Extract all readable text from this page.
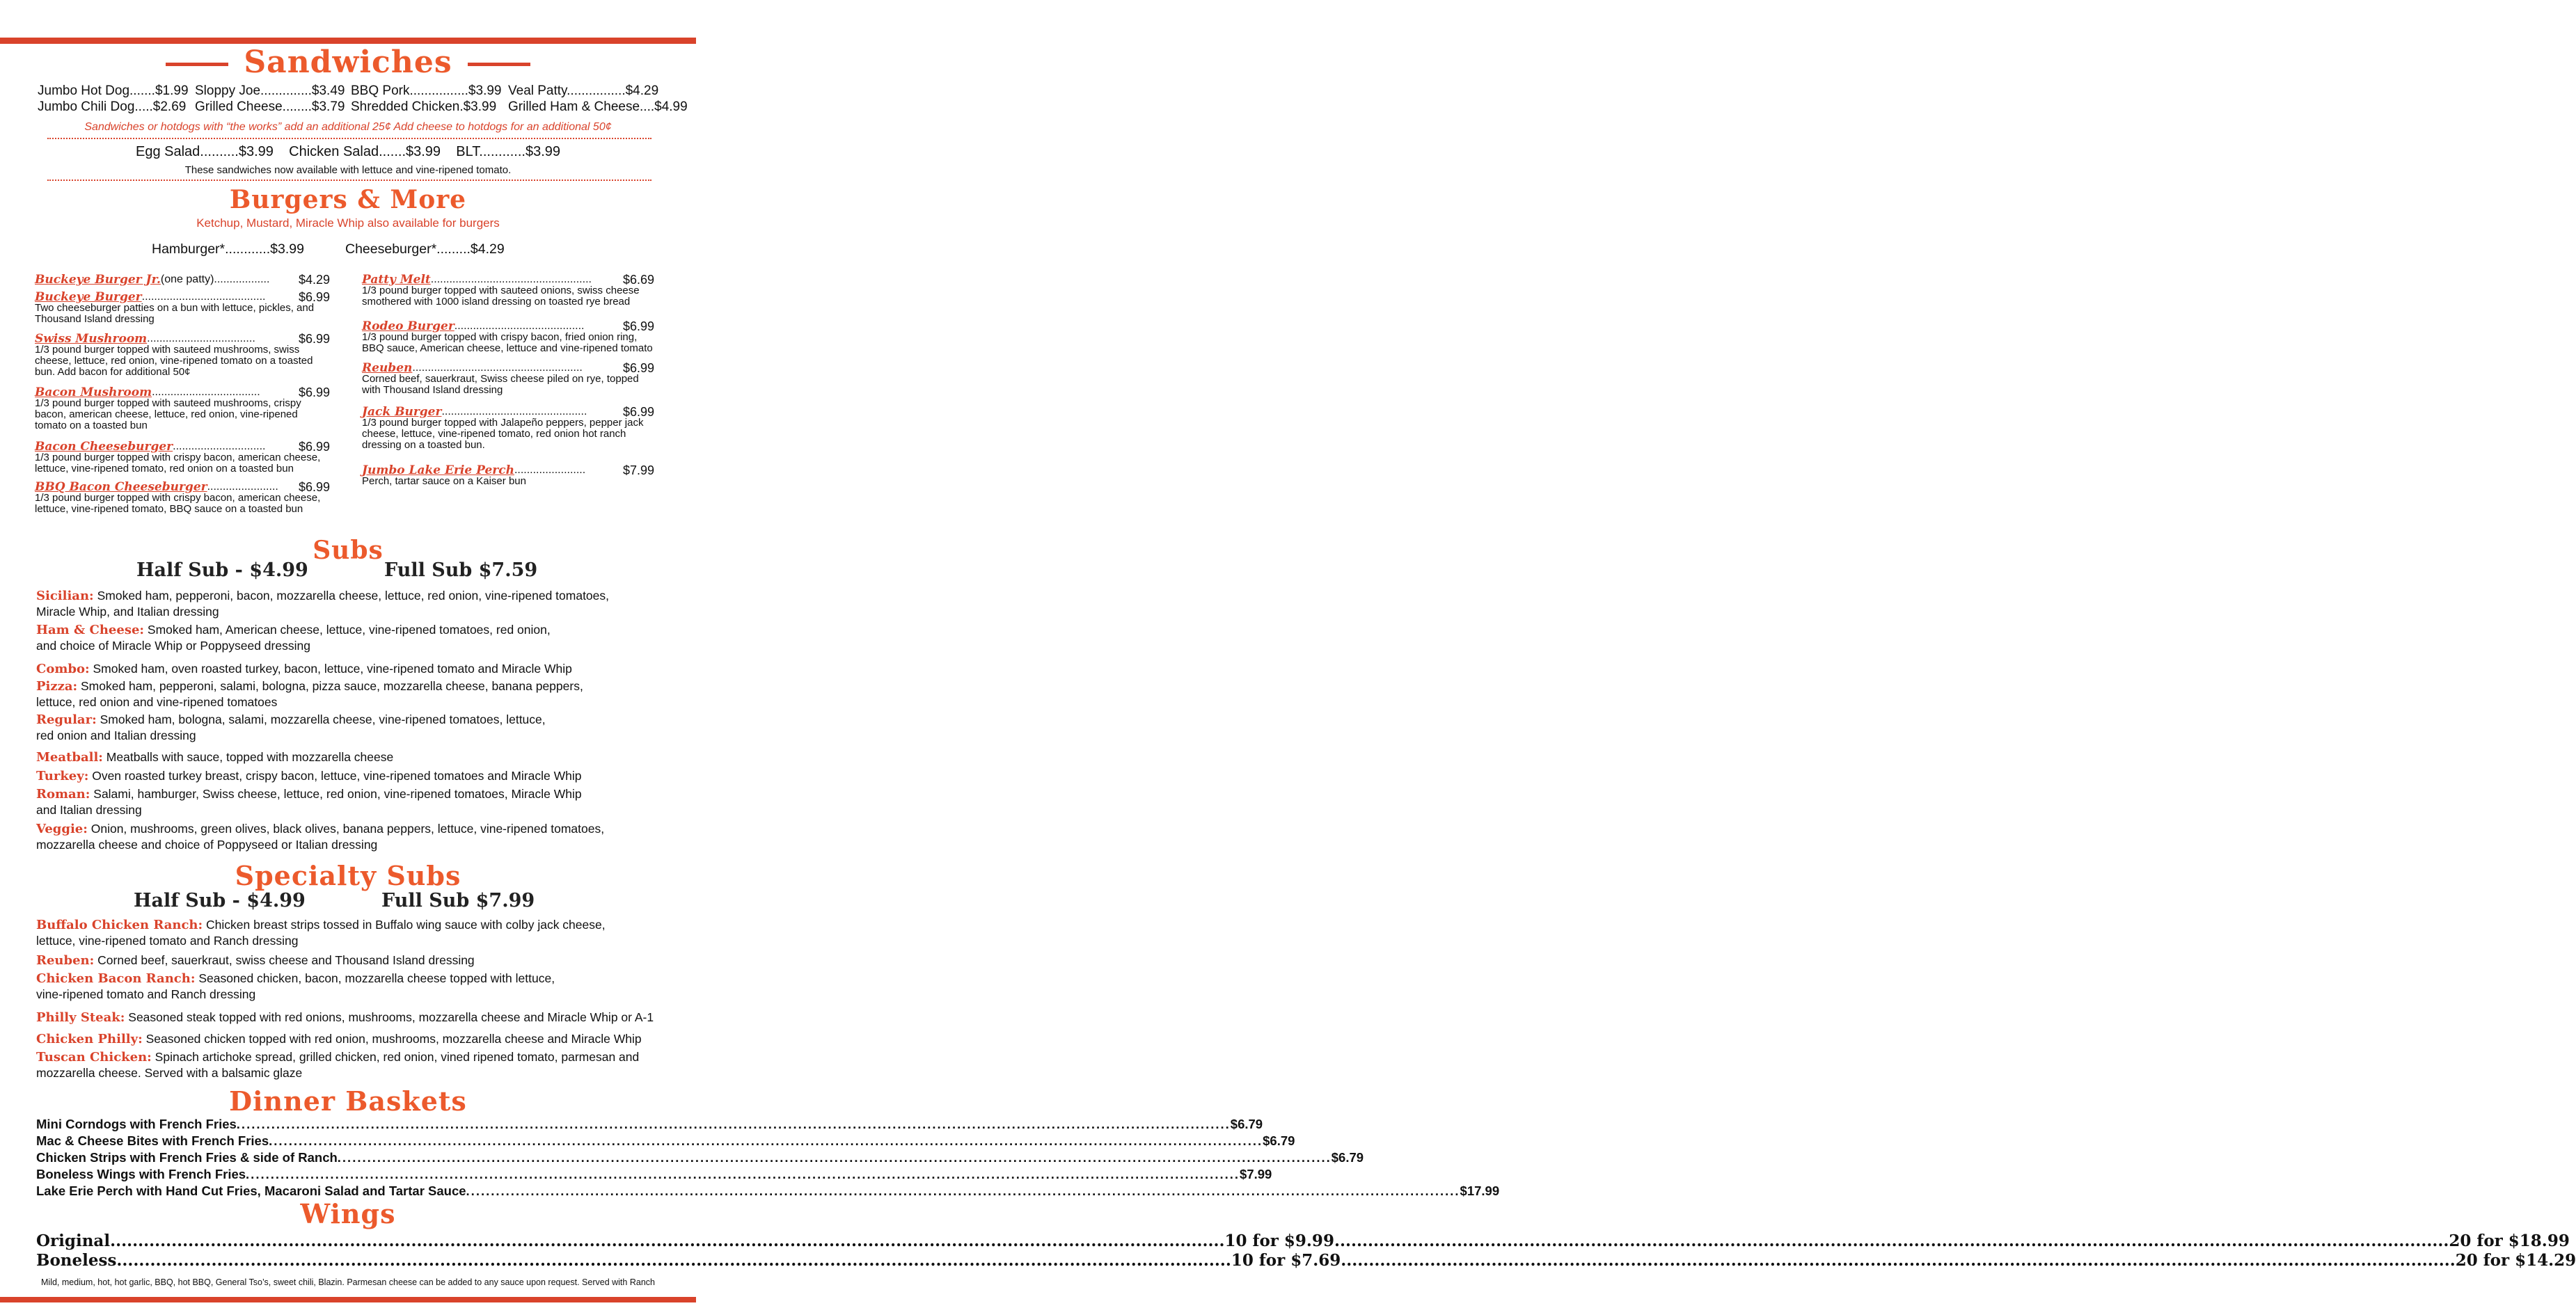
Sandwiches
Jumbo Hot Dog.......$1.99 Sloppy Joe..............$3.49 BBQ Pork................$3.99 Veal Patty................$4.29
Jumbo Chili Dog.....$2.69 Grilled Cheese........$3.79 Shredded Chicken.$3.99 Grilled Ham & Cheese....$4.99
Sandwiches or hotdogs with “the works” add an additional 25¢ Add cheese to hotdogs for an additional 50¢
Egg Salad..........$3.99 Chicken Salad.......$3.99 BLT............$3.99
These sandwiches now available with lettuce and vine-ripened tomato.
Burgers & More
Ketchup, Mustard, Miracle Whip also available for burgers
Hamburger*............$3.99	Cheeseburger*.........$4.29
Buckeye Burger Jr. (one patty)..................	$4.29
Buckeye Burger ........................................	$6.99
Two cheeseburger patties on a bun with lettuce, pickles, and Thousand Island dressing
Swiss Mushroom ...................................	$6.99
1/3 pound burger topped with sauteed mushrooms, swiss cheese, lettuce, red onion, vine-ripened tomato on a toasted bun. Add bacon for additional 50¢
Bacon Mushroom ...................................	$6.99
1/3 pound burger topped with sauteed mushrooms, crispy bacon, american cheese, lettuce, red onion, vine-ripened tomato on a toasted bun
Bacon Cheeseburger ..............................	$6.99
1/3 pound burger topped with crispy bacon, american cheese, lettuce, vine-ripened tomato, red onion on a toasted bun
BBQ Bacon Cheeseburger .......................	$6.99
1/3 pound burger topped with crispy bacon, american cheese, lettuce, vine-ripened tomato, BBQ sauce on a toasted bun
Patty Melt ....................................................	$6.69
1/3 pound burger topped with sauteed onions, swiss cheese smothered with 1000 island dressing on toasted rye bread
Rodeo Burger ..........................................	$6.99
1/3 pound burger topped with crispy bacon, fried onion ring, BBQ sauce, American cheese, lettuce and vine-ripened tomato
Reuben .......................................................	$6.99
Corned beef, sauerkraut, Swiss cheese piled on rye, topped with Thousand Island dressing
Jack Burger ...............................................	$6.99
1/3 pound burger topped with Jalapeño peppers, pepper jack cheese, lettuce, vine-ripened tomato, red onion hot ranch dressing on a toasted bun.
Jumbo Lake Erie Perch .......................	$7.99
Perch, tartar sauce on a Kaiser bun
Subs
Half Sub - $4.99	Full Sub $7.59
Sicilian: Smoked ham, pepperoni, bacon, mozzarella cheese, lettuce, red onion, vine-ripened tomatoes,
Miracle Whip, and Italian dressing
Ham & Cheese: Smoked ham, American cheese, lettuce, vine-ripened tomatoes, red onion,
and choice of Miracle Whip or Poppyseed dressing
Combo: Smoked ham, oven roasted turkey, bacon, lettuce, vine-ripened tomato and Miracle Whip
Pizza: Smoked ham, pepperoni, salami, bologna, pizza sauce, mozzarella cheese, banana peppers,
lettuce, red onion and vine-ripened tomatoes
Regular: Smoked ham, bologna, salami, mozzarella cheese, vine-ripened tomatoes, lettuce,
red onion and Italian dressing
Meatball: Meatballs with sauce, topped with mozzarella cheese
Turkey: Oven roasted turkey breast, crispy bacon, lettuce, vine-ripened tomatoes and Miracle Whip
Roman: Salami, hamburger, Swiss cheese, lettuce, red onion, vine-ripened tomatoes, Miracle Whip
and Italian dressing
Veggie: Onion, mushrooms, green olives, black olives, banana peppers, lettuce, vine-ripened tomatoes,
mozzarella cheese and choice of Poppyseed or Italian dressing
Specialty Subs
Half Sub - $4.99	Full Sub $7.99
Buffalo Chicken Ranch: Chicken breast strips tossed in Buffalo wing sauce with colby jack cheese,
lettuce, vine-ripened tomato and Ranch dressing
Reuben: Corned beef, sauerkraut, swiss cheese and Thousand Island dressing
Chicken Bacon Ranch: Seasoned chicken, bacon, mozzarella cheese topped with lettuce,
vine-ripened tomato and Ranch dressing
Philly Steak: Seasoned steak topped with red onions, mushrooms, mozzarella cheese and Miracle Whip or A-1
Chicken Philly: Seasoned chicken topped with red onion, mushrooms, mozzarella cheese and Miracle Whip
Tuscan Chicken: Spinach artichoke spread, grilled chicken, red onion, vined ripened tomato, parmesan and
mozzarella cheese. Served with a balsamic glaze
Dinner Baskets
Mini Corndogs with French Fries ........................................................................................................................................................................................................ $6.79
Mac & Cheese Bites with French Fries ........................................................................................................................................................................................................ $6.79
Chicken Strips with French Fries & side of Ranch ........................................................................................................................................................................................................ $6.79
Boneless Wings with French Fries ........................................................................................................................................................................................................ $7.99
Lake Erie Perch with Hand Cut Fries, Macaroni Salad and Tartar Sauce ........................................................................................................................................................................................................ $17.99
Wings
Original ........................................................................................................................................................................................................ 10 for $9.99 ........................................................................................................................................................................................................ 20 for $18.99
Boneless ........................................................................................................................................................................................................ 10 for $7.69 ........................................................................................................................................................................................................ 20 for $14.29
Mild, medium, hot, hot garlic, BBQ, hot BBQ, General Tso’s, sweet chili, Blazin. Parmesan cheese can be added to any sauce upon request. Served with Ranch
